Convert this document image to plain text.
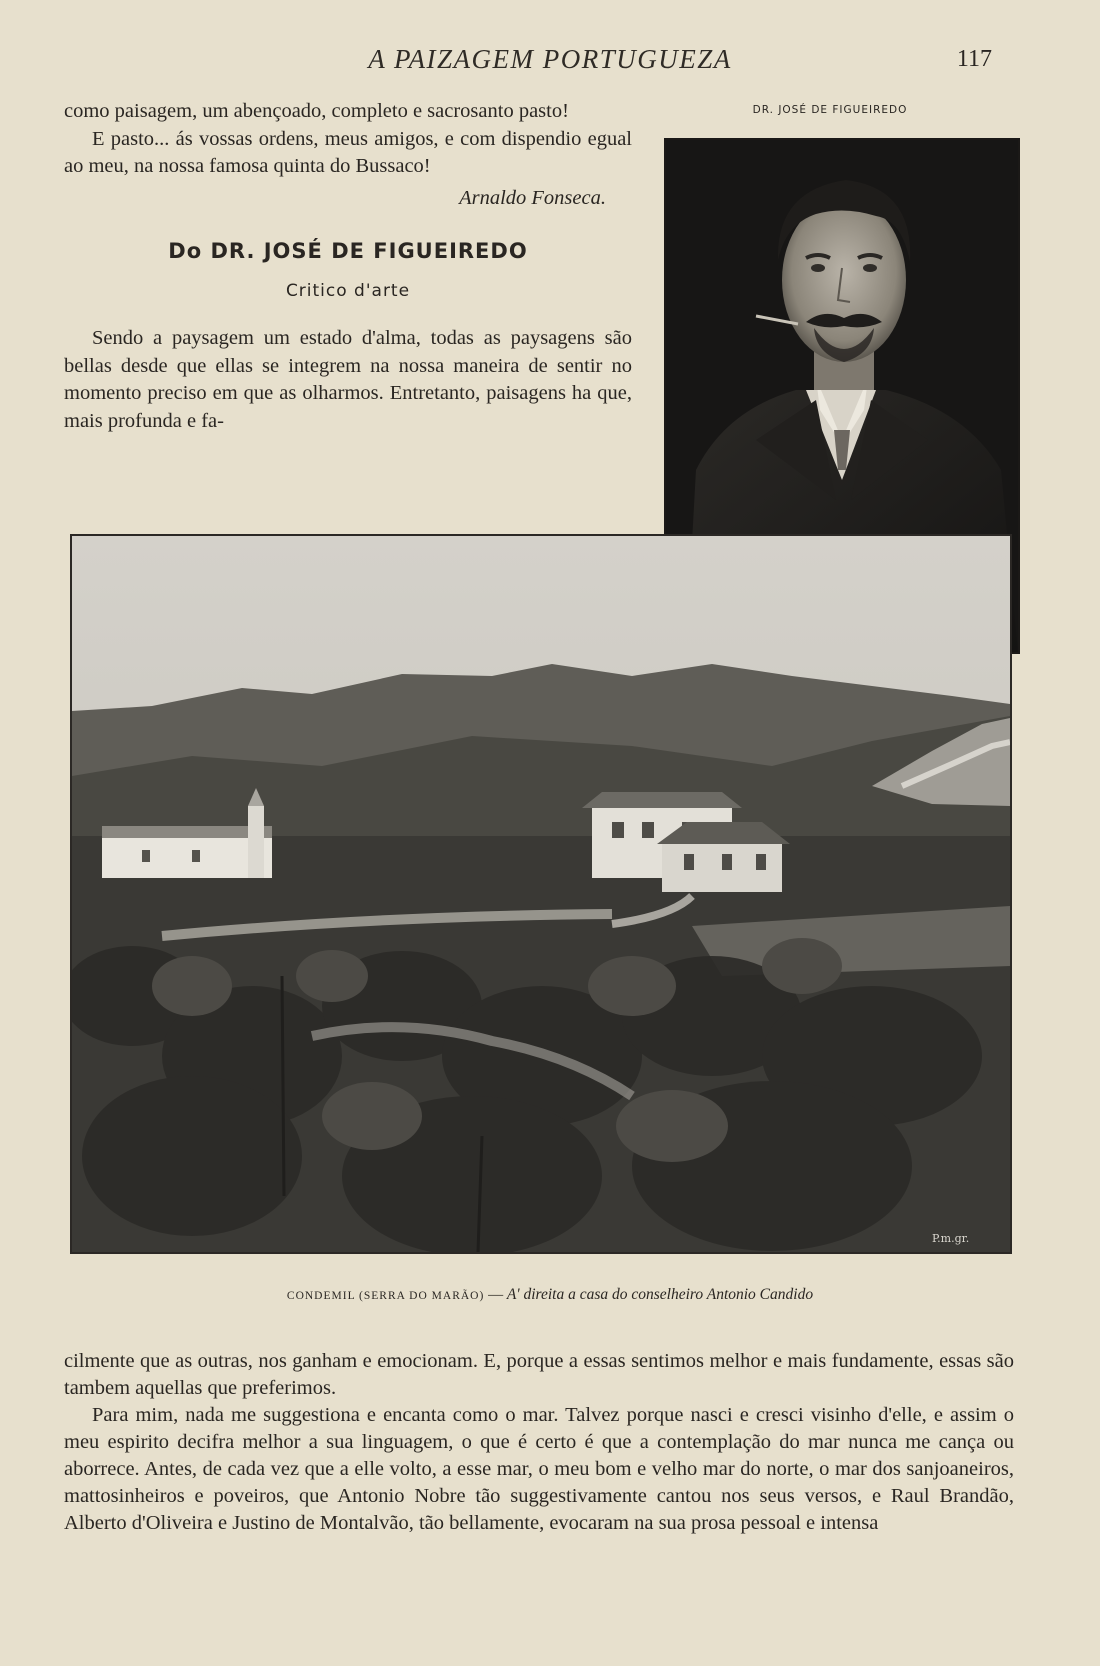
A PAIZAGEM PORTUGUEZA	117

como paisagem, um abençoado, completo e sacrosanto pasto!

E pasto... ás vossas ordens, meus amigos, e com dispendio egual ao meu, na nossa famosa quinta do Bussaco!

Arnaldo Fonseca.

Do DR. JOSÉ DE FIGUEIREDO

Critico d'arte

Sendo a paysagem um estado d'alma, todas as paysagens são bellas desde que ellas se integrem na nossa maneira de sentir no momento preciso em que as olharmos. Entretanto, paisagens ha que, mais profunda e fa-

DR. JOSÉ DE FIGUEIREDO
P.m.gr.
CONDEMIL (SERRA DO MARÃO) — A' direita a casa do conselheiro Antonio Candido

cilmente que as outras, nos ganham e emocionam. E, porque a essas sentimos melhor e mais fundamente, essas são tambem aquellas que preferimos.

Para mim, nada me suggestiona e encanta como o mar. Talvez porque nasci e cresci visinho d'elle, e assim o meu espirito decifra melhor a sua linguagem, o que é certo é que a contemplação do mar nunca me cança ou aborrece. Antes, de cada vez que a elle volto, a esse mar, o meu bom e velho mar do norte, o mar dos sanjoaneiros, mattosinheiros e poveiros, que Antonio Nobre tão suggestivamente cantou nos seus versos, e Raul Brandão, Alberto d'Oliveira e Justino de Montalvão, tão bellamente, evocaram na sua prosa pessoal e intensa
